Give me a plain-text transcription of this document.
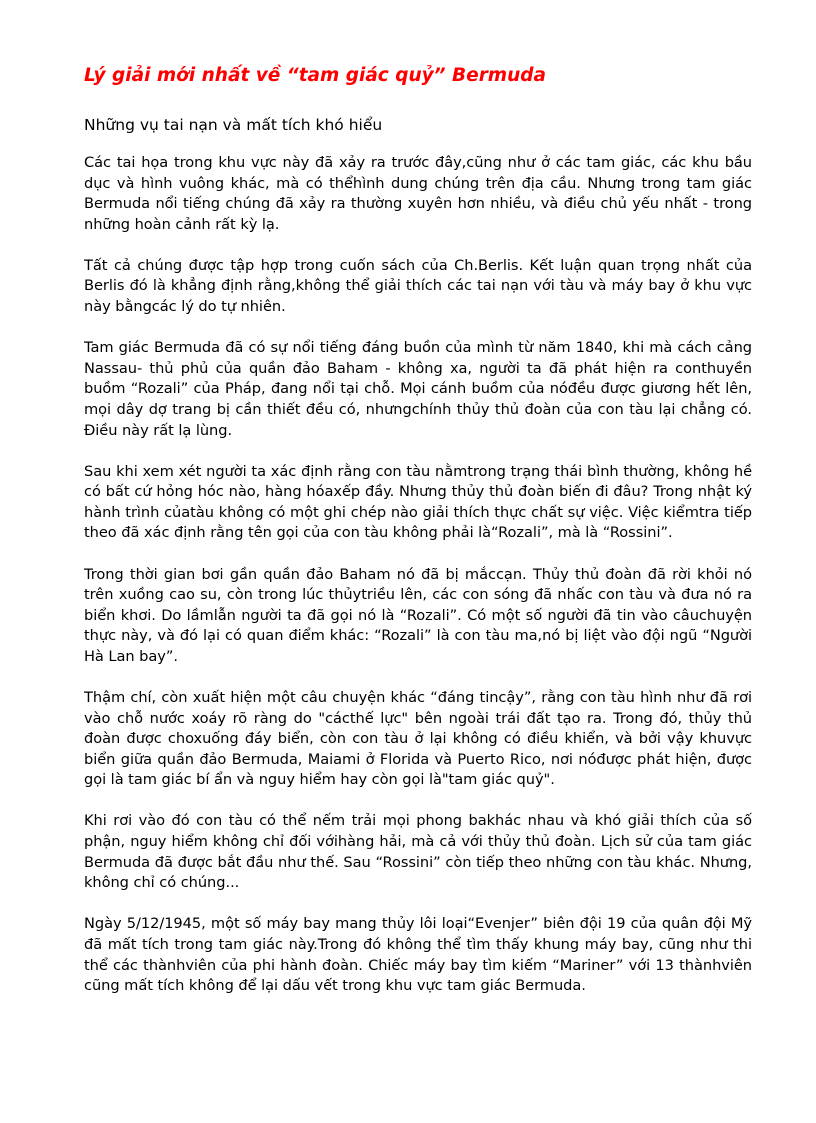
Lý giải mới nhất về “tam giác quỷ” Bermuda
Những vụ tai nạn và mất tích khó hiểu

Các tai họa trong khu vực này đã xảy ra trước đây,cũng như ở các tam giác, các khu bầu dục và hình vuông khác, mà có thểhình dung chúng trên địa cầu. Nhưng trong tam giác Bermuda nổi tiếng chúng đã xảy ra thường xuyên hơn nhiều, và điều chủ yếu nhất - trong những hoàn cảnh rất kỳ lạ.

Tất cả chúng được tập hợp trong cuốn sách của Ch.Berlis. Kết luận quan trọng nhất của Berlis đó là khẳng định rằng,không thể giải thích các tai nạn với tàu và máy bay ở khu vực này bằngcác lý do tự nhiên.

Tam giác Bermuda đã có sự nổi tiếng đáng buồn của mình từ năm 1840, khi mà cách cảng Nassau- thủ phủ của quần đảo Baham - không xa, người ta đã phát hiện ra conthuyền buồm “Rozali” của Pháp, đang nổi tại chỗ. Mọi cánh buồm của nóđều được giương hết lên, mọi dây dợ trang bị cần thiết đều có, nhưngchính thủy thủ đoàn của con tàu lại chẳng có. Điều này rất lạ lùng.

Sau khi xem xét người ta xác định rằng con tàu nằmtrong trạng thái bình thường, không hề có bất cứ hỏng hóc nào, hàng hóaxếp đầy. Nhưng thủy thủ đoàn biến đi đâu? Trong nhật ký hành trình củatàu không có một ghi chép nào giải thích thực chất sự việc. Việc kiểmtra tiếp theo đã xác định rằng tên gọi của con tàu không phải là“Rozali”, mà là “Rossini”.

Trong thời gian bơi gần quần đảo Baham nó đã bị mắccạn. Thủy thủ đoàn đã rời khỏi nó trên xuồng cao su, còn trong lúc thủytriều lên, các con sóng đã nhấc con tàu và đưa nó ra biển khơi. Do lầmlẫn người ta đã gọi nó là “Rozali”. Có một số người đã tin vào câuchuyện thực này, và đó lại có quan điểm khác: “Rozali” là con tàu ma,nó bị liệt vào đội ngũ “Người Hà Lan bay”.

Thậm chí, còn xuất hiện một câu chuyện khác “đáng tincậy”, rằng con tàu hình như đã rơi vào chỗ nước xoáy rõ ràng do "cácthế lực" bên ngoài trái đất tạo ra. Trong đó, thủy thủ đoàn được choxuống đáy biển, còn con tàu ở lại không có điều khiển, và bởi vậy khuvực biển giữa quần đảo Bermuda, Maiami ở Florida và Puerto Rico, nơi nóđược phát hiện, được gọi là tam giác bí ẩn và nguy hiểm hay còn gọi là"tam giác quỷ".

Khi rơi vào đó con tàu có thể nếm trải mọi phong bakhác nhau và khó giải thích của số phận, nguy hiểm không chỉ đối vớihàng hải, mà cả với thủy thủ đoàn. Lịch sử của tam giác Bermuda đã được bắt đầu như thế. Sau “Rossini” còn tiếp theo những con tàu khác. Nhưng, không chỉ có chúng...

Ngày 5/12/1945, một số máy bay mang thủy lôi loại“Evenjer” biên đội 19 của quân đội Mỹ đã mất tích trong tam giác này.Trong đó không thể tìm thấy khung máy bay, cũng như thi thể các thànhviên của phi hành đoàn. Chiếc máy bay tìm kiếm “Mariner” với 13 thànhviên cũng mất tích không để lại dấu vết trong khu vực tam giác Bermuda.
